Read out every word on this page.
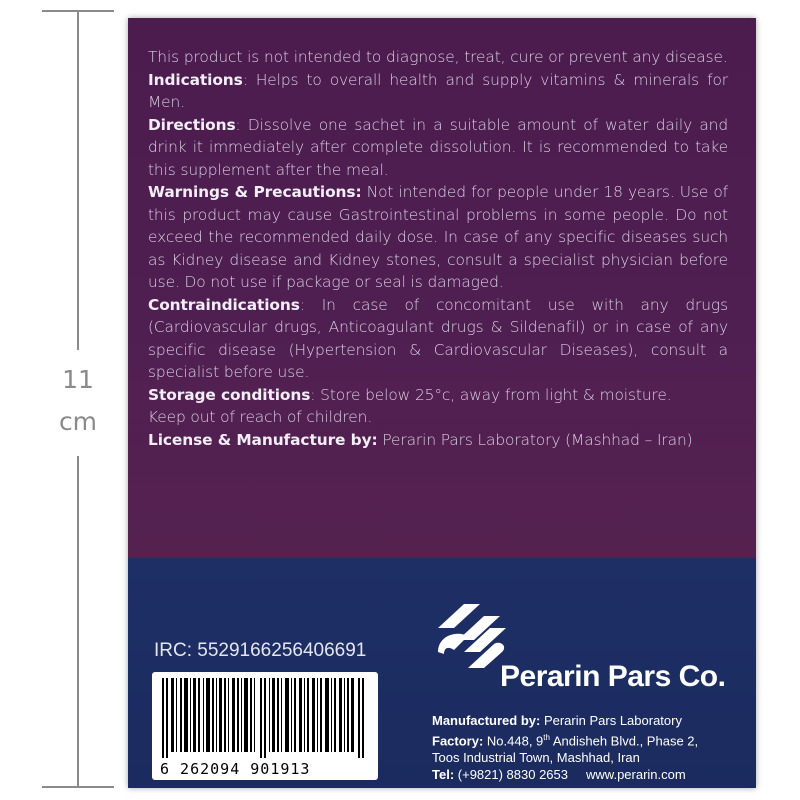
11
cm

This product is not intended to diagnose, treat, cure or prevent any disease.

Indications: Helps to overall health and supply vitamins & minerals for Men.

Directions: Dissolve one sachet in a suitable amount of water daily and drink it immediately after complete dissolution. It is recommended to take this supplement after the meal.

Warnings & Precautions: Not intended for people under 18 years. Use of this product may cause Gastrointestinal problems in some people. Do not exceed the recommended daily dose. In case of any specific diseases such as Kidney disease and Kidney stones, consult a specialist physician before use. Do not use if package or seal is damaged.

Contraindications: In case of concomitant use with any drugs (Cardiovascular drugs, Anticoagulant drugs & Sildenafil) or in case of any specific disease (Hypertension & Cardiovascular Diseases), consult a specialist before use.

Storage conditions: Store below 25°c, away from light & moisture.

Keep out of reach of children.

License & Manufacture by: Perarin Pars Laboratory (Mashhad – Iran)

IRC: 5529166256406691
6 262094 901913
Perarin Pars Co.
Manufactured by: Perarin Pars Laboratory
Factory: No.448, 9th Andisheh Blvd., Phase 2,
Toos Industrial Town, Mashhad, Iran
Tel: (+9821) 8830 2653 www.perarin.com
